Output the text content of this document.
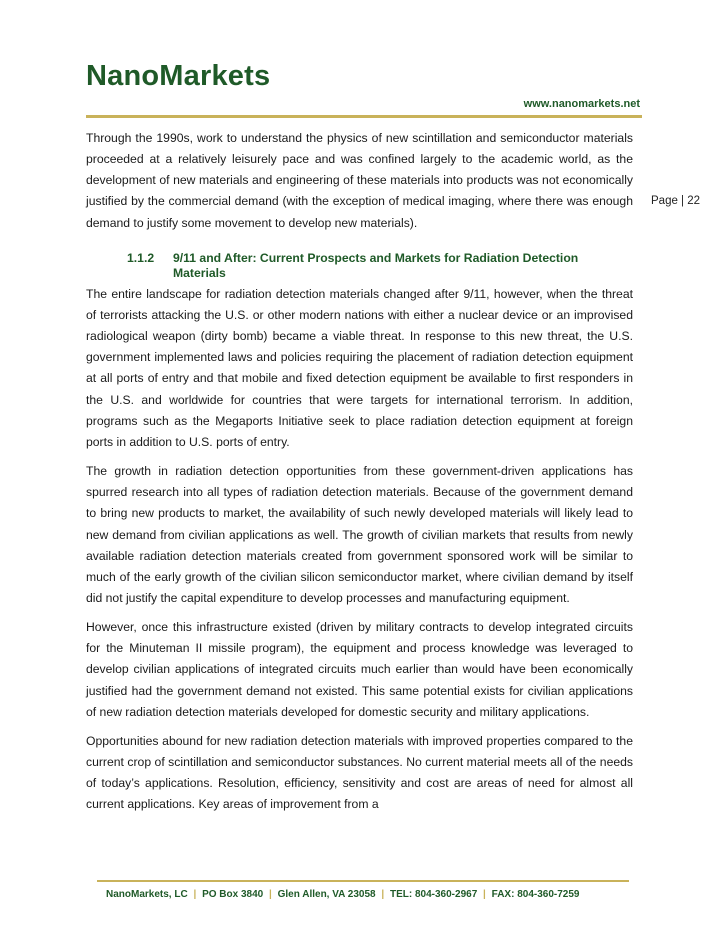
NanoMarkets
www.nanomarkets.net
Page | 22

Through the 1990s, work to understand the physics of new scintillation and semiconductor materials proceeded at a relatively leisurely pace and was confined largely to the academic world, as the development of new materials and engineering of these materials into products was not economically justified by the commercial demand (with the exception of medical imaging, where there was enough demand to justify some movement to develop new materials).

1.1.2	9/11 and After: Current Prospects and Markets for Radiation Detection Materials

The entire landscape for radiation detection materials changed after 9/11, however, when the threat of terrorists attacking the U.S. or other modern nations with either a nuclear device or an improvised radiological weapon (dirty bomb) became a viable threat. In response to this new threat, the U.S. government implemented laws and policies requiring the placement of radiation detection equipment at all ports of entry and that mobile and fixed detection equipment be available to first responders in the U.S. and worldwide for countries that were targets for international terrorism. In addition, programs such as the Megaports Initiative seek to place radiation detection equipment at foreign ports in addition to U.S. ports of entry.

The growth in radiation detection opportunities from these government-driven applications has spurred research into all types of radiation detection materials. Because of the government demand to bring new products to market, the availability of such newly developed materials will likely lead to new demand from civilian applications as well. The growth of civilian markets that results from newly available radiation detection materials created from government sponsored work will be similar to much of the early growth of the civilian silicon semiconductor market, where civilian demand by itself did not justify the capital expenditure to develop processes and manufacturing equipment.

However, once this infrastructure existed (driven by military contracts to develop integrated circuits for the Minuteman II missile program), the equipment and process knowledge was leveraged to develop civilian applications of integrated circuits much earlier than would have been economically justified had the government demand not existed. This same potential exists for civilian applications of new radiation detection materials developed for domestic security and military applications.

Opportunities abound for new radiation detection materials with improved properties compared to the current crop of scintillation and semiconductor substances. No current material meets all of the needs of today’s applications. Resolution, efficiency, sensitivity and cost are areas of need for almost all current applications. Key areas of improvement from a

NanoMarkets, LC | PO Box 3840 | Glen Allen, VA 23058 | TEL: 804-360-2967 | FAX: 804-360-7259
